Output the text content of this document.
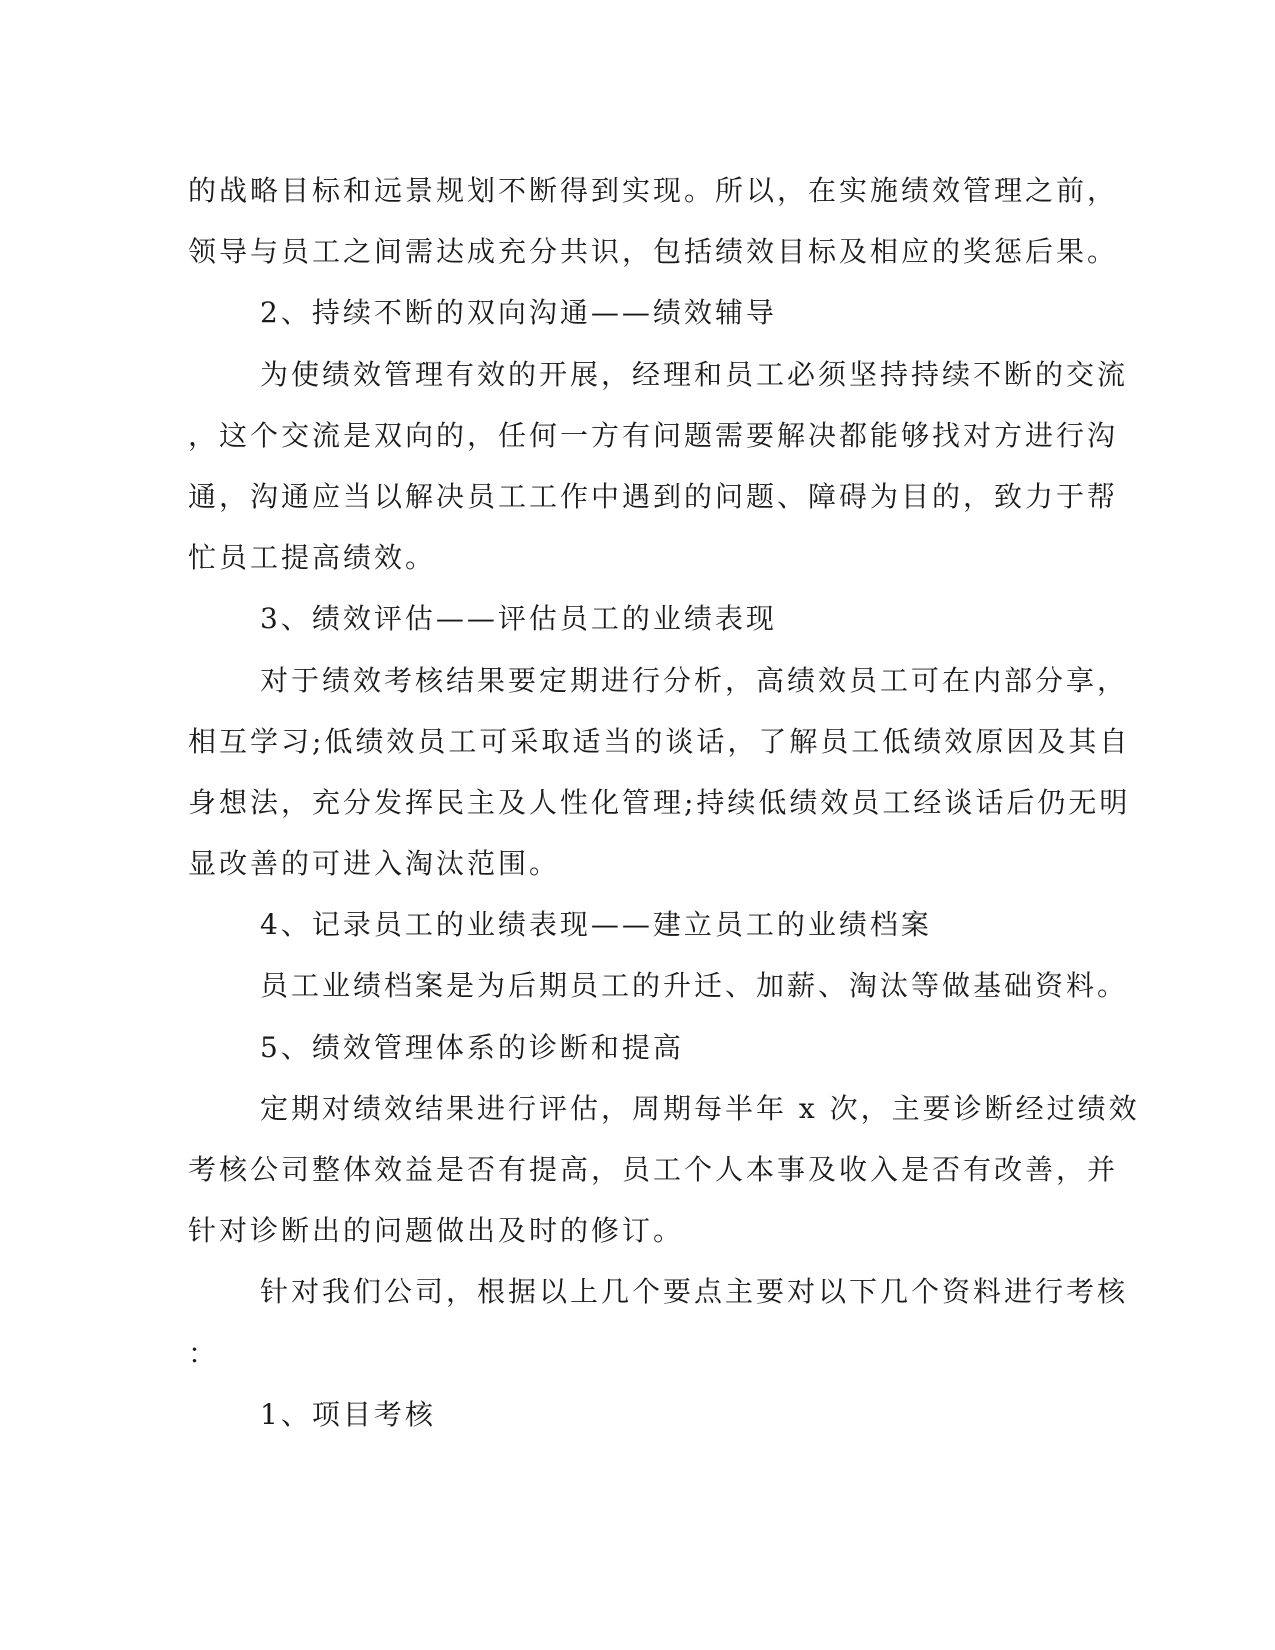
的战略目标和远景规划不断得到实现。所以，在实施绩效管理之前，
领导与员工之间需达成充分共识，包括绩效目标及相应的奖惩后果。
2、持续不断的双向沟通——绩效辅导
为使绩效管理有效的开展，经理和员工必须坚持持续不断的交流
，这个交流是双向的，任何一方有问题需要解决都能够找对方进行沟
通，沟通应当以解决员工工作中遇到的问题、障碍为目的，致力于帮
忙员工提高绩效。
3、绩效评估——评估员工的业绩表现
对于绩效考核结果要定期进行分析，高绩效员工可在内部分享，
相互学习;低绩效员工可采取适当的谈话，了解员工低绩效原因及其自
身想法，充分发挥民主及人性化管理;持续低绩效员工经谈话后仍无明
显改善的可进入淘汰范围。
4、记录员工的业绩表现——建立员工的业绩档案
员工业绩档案是为后期员工的升迁、加薪、淘汰等做基础资料。
5、绩效管理体系的诊断和提高
定期对绩效结果进行评估，周期每半年 x 次，主要诊断经过绩效
考核公司整体效益是否有提高，员工个人本事及收入是否有改善，并
针对诊断出的问题做出及时的修订。
针对我们公司，根据以上几个要点主要对以下几个资料进行考核
：
1、项目考核
